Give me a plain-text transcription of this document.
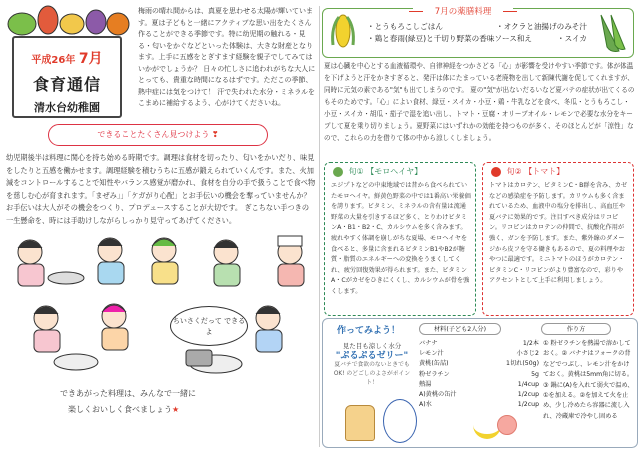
平成26年 7月
食育通信
清水台幼稚園
梅雨の晴れ間からは、真夏を思わせる太陽が輝いています。夏は子どもと一緒にアクティブな思い出をたくさん作ることができる季節です。特に幼児期の触れる・見る・匂いをかぐなどといった体験は、大きな財産となります。上手に五感をとぎすます経験を親子でしてみてはいかがでしょうか？ 日々の忙しさに追われがちな大人にとっても、貴重な時間になるはずです。ただこの季節、熱中症には気をつけて！ 汗で失われた水分・ミネラルをこまめに補給するよう、心がけてくださいね。
できることたくさん見つけよう ❣
幼児期後半は料理に関心を持ち始める時期です。調理は食材を切ったり、匂いをかいだり、味見をしたりと五感を働かせます。調理経験を積むうちに五感が鍛えられていくんです。また、火加減をコントロールすることで知性やバランス感覚が磨かれ、食材を自分の手で扱うことで食べ物を慈しむ心が育まれます。「まぜみ」」「ケガがり心配」とお手伝いの機会を奪っていませんか？お手伝いは大人がその機会をつくり、プロデュースすることが大切です。 ぎこちない手つきの一生懸命を、時には手助けしながらしっかり見守ってあげてください。
ちいさくだって できるよ
できあがった料理は、みんなで一緒に
楽しくおいしく食べましょう★
7月の薬膳料理
・とうもろこしごはん	・オクラと油揚げのみそ汁
・鶏と春雨(緑豆)と千切り野菜の香味ソース和え	・スイカ
夏は心臓を中心とする血液循環や、自律神経をつかさどる「心」が影響を受けやすい季節です。体が体温を下げようと汗をかきすぎると、発汗は体にたまっている老廃物を出して新陳代謝を促してくれますが、同時に元気の素である"気"も出てしまうのです。 夏の"気"が出ないだるいなど夏バテの症状が出てくるのもそのためです。「心」によい食材、緑豆・スイカ・小豆・鶏・牛乳などを食べ、冬瓜・とうもろこし・小豆・スイカ・胡瓜・茄子で湿を追い出し、トマト・豆腐・オリーブオイル・レモンで必要な水分をキープして夏を乗り切りましょう。夏野菜にはいずれかの効能を持つものが多く、そのほとんどが「涼性」なので、これらの力を借りて体の中から涼しくしましょう。
旬① 【モロヘイヤ】
エジプトなどの中東地域では昔から食べられていたモロヘイヤ。鮮黄色野菜の中では1番高い栄養価を誇ります。ビタミン、ミネラルの含有量は流通野菜の大量を引きするほど多く、とりわけビタミンA・B1・B2・C、カルシウムを多く含みます。疲れやすく体調を崩しがちな夏場、モロヘイヤを食べると、多量に含まれるビタミンB1やB2が糖質・脂質のエネルギーへの変換をうまくしてくれ、疲労回復効果が得られます。また、ビタミンA・Cがカゼをひきにくくし、カルシウムが骨を強くします。
旬② 【トマト】
トマトはカロテン、ビタミンC・B群を含み、カゼなどの感染症を予防します。カリウムも多く含まれているため、血液中の塩分を排出し、高血圧や夏バテに効果的です。注目すべき成分はリコピン。リコピンはカロテンの仲間で、抗酸化作用が強く、ガンを予防します。また、紫外線のダメージから皮フを守る働きもあるので、夏の料理やおやつに最適です。ミニトマトのほうがカロテン・ビタミンC・リコピンがより豊富なので、彩りやアクセントとして上手に利用しましょう。
作ってみよう！
見た目も涼しく水分
"ぷるぷるゼリー"
夏バテで食欲のないときでもOK! のどごしのよさがポイント！
材料(子ども2人分)	作り方
バナナ	1/2本
レモン汁	小さじ2
黄桃(缶詰)	1切れ(50g)
粉ゼラチン	5g
熱湯	1/4cup
A)黄桃の缶汁	1/2cup
A)水	1/2cup
① 粉ゼラチンを熱湯で溶かしておく。② バナナはフォークの背などでつぶし、レモン汁をかけておく。黄桃は5mm角に切る。③ 鍋に(A)を入れて弱火で温め、①を加える。②を加えて火を止め、少し冷めたら容器に流し入れ、冷蔵庫で冷やし固める
